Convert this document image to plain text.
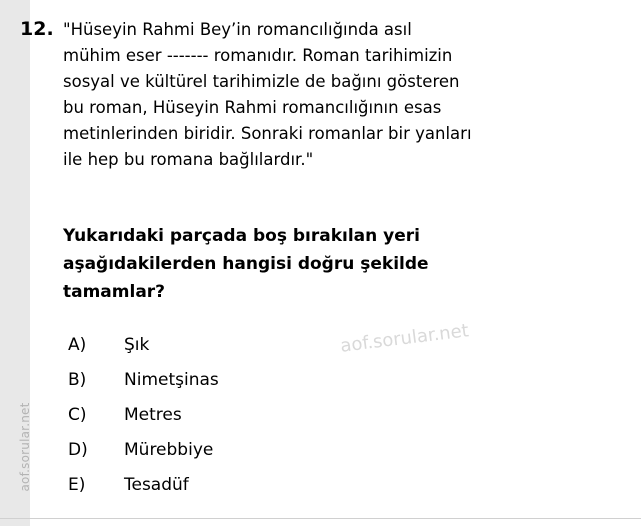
aof.sorular.net
12. "Hüseyin Rahmi Bey’in romancılığında asıl
mühim eser ------- romanıdır. Roman tarihimizin
sosyal ve kültürel tarihimizle de bağını gösteren
bu roman, Hüseyin Rahmi romancılığının esas
metinlerinden biridir. Sonraki romanlar bir yanları
ile hep bu romana bağlılardır."
Yukarıdaki parçada boş bırakılan yeri
aşağıdakilerden hangisi doğru şekilde
tamamlar?
A)	Şık
B)	Nimetşinas
C)	Metres
D)	Mürebbiye
E)	Tesadüf
aof.sorular.net
